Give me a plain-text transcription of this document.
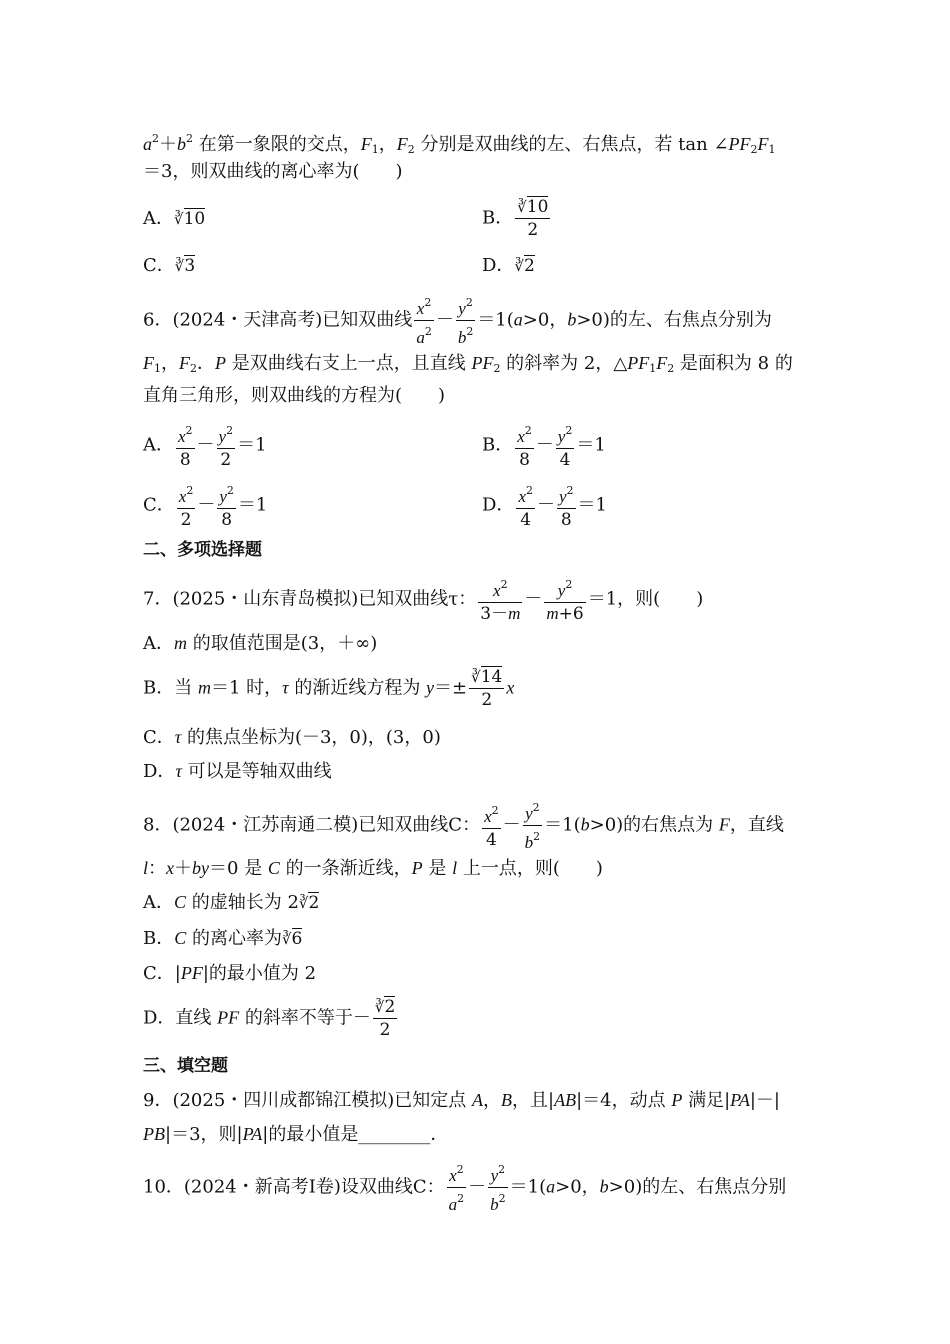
$a^2+b^2$ 在第一象限的交点，$F_1$，$F_2$ 分别是双曲线的左、右焦点，若 $\tan \angle PF_2F_1$
＝3，则双曲线的离心率为(　　)
A．∛10	B． $\frac{∛10}{2}$
C．∛3	D．∛2
6．(2024・天津高考)已知双曲线 $\frac{x^2}{a^2} - \frac{y^2}{b^2} =1(a>0$，b>0)的左、右焦点分别为
$F_1$，$F_2$．P 是双曲线右支上一点，且直线 $PF_2$ 的斜率为 2，$\triangle PF_1F_2$ 是面积为 8 的
直角三角形，则双曲线的方程为(　　)
A． $\frac{x^2}{8} - \frac{y^2}{2} =1$	B． $\frac{x^2}{8} - \frac{y^2}{4} =1$
C． $\frac{x^2}{2} - \frac{y^2}{8} =1$	D． $\frac{x^2}{4} - \frac{y^2}{8} =1$
二、多项选择题
7．(2025・山东青岛模拟)已知双曲线τ： $\frac{x^2}{3-m} - \frac{y^2}{m+6} =1$，则(　　)
A．m 的取值范围是(3，＋∞)
B．当 m＝1 时，τ 的渐近线方程为 $y=\pm \frac{∛14}{2}$ x
C．τ 的焦点坐标为(－3，0)，(3，0)
D．τ 可以是等轴双曲线
8．(2024・江苏南通二模)已知双曲线C： $\frac{x^2}{4} - \frac{y^2}{b^2} =1(b>0)$的右焦点为 F，直线
l：x＋by＝0 是 C 的一条渐近线，P 是 l 上一点，则(　　)
A．C 的虚轴长为 2∛2
B．C 的离心率为∛6
C．|PF|的最小值为 2
D．直线 PF 的斜率不等于－ $\frac{∛2}{2}$
三、填空题
9．(2025・四川成都锦江模拟)已知定点 A，B，且|AB|＝4，动点 P 满足|PA|－|
PB|＝3，则|PA|的最小值是________．
10．(2024・新高考Ⅰ卷)设双曲线C： $\frac{x^2}{a^2} - \frac{y^2}{b^2} =1(a>0$，b>0)的左、右焦点分别
